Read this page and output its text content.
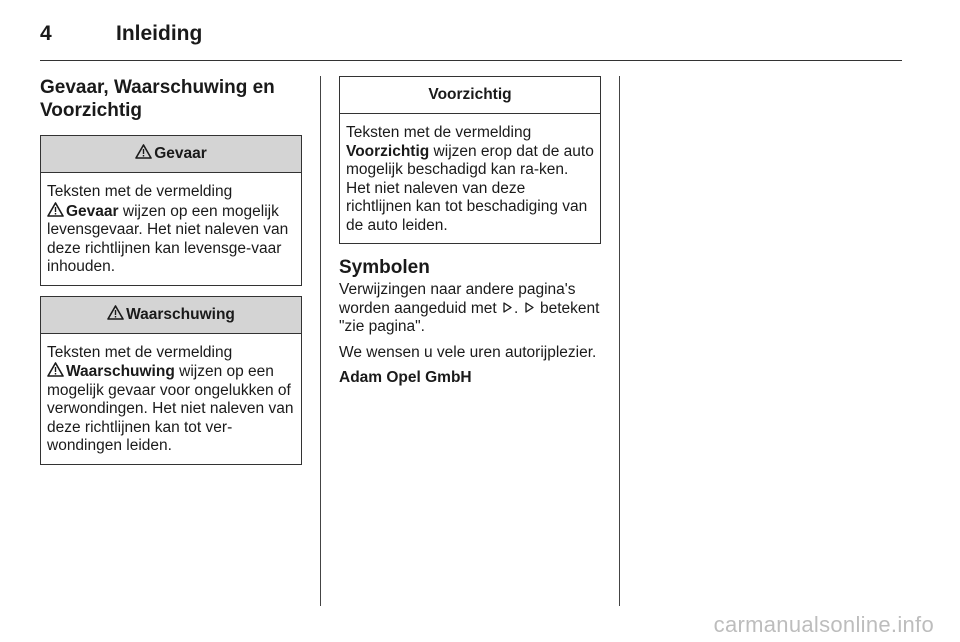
4	Inleiding
Gevaar, Waarschuwing en Voorzichtig
Gevaar
Teksten met de vermelding
Gevaar wijzen op een mogelijk levensgevaar. Het niet naleven van deze richtlijnen kan levensge-vaar inhouden.
Waarschuwing
Teksten met de vermelding
Waarschuwing wijzen op een mogelijk gevaar voor ongelukken of verwondingen. Het niet naleven van deze richtlijnen kan tot ver-wondingen leiden.
Voorzichtig
Teksten met de vermelding
Voorzichtig wijzen erop dat de auto mogelijk beschadigd kan ra-ken. Het niet naleven van deze richtlijnen kan tot beschadiging van de auto leiden.
Symbolen

Verwijzingen naar andere pagina's worden aangeduid met .  betekent "zie pagina".

We wensen u vele uren autorijplezier.

Adam Opel GmbH

carmanualsonline.info
